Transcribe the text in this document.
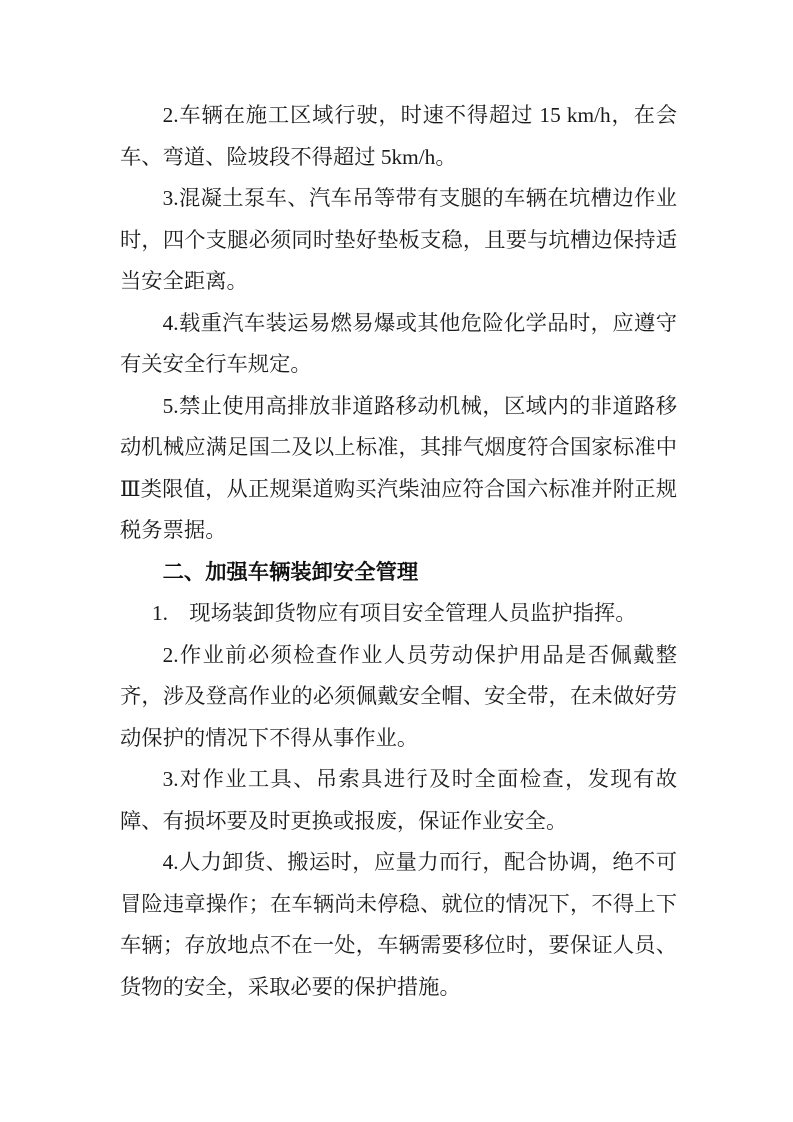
2.车辆在施工区域行驶，时速不得超过 15 km/h，在会车、弯道、险坡段不得超过 5km/h。

3.混凝土泵车、汽车吊等带有支腿的车辆在坑槽边作业时，四个支腿必须同时垫好垫板支稳，且要与坑槽边保持适当安全距离。

4.载重汽车装运易燃易爆或其他危险化学品时，应遵守有关安全行车规定。

5.禁止使用高排放非道路移动机械，区域内的非道路移动机械应满足国二及以上标准，其排气烟度符合国家标准中Ⅲ类限值，从正规渠道购买汽柴油应符合国六标准并附正规税务票据。

二、加强车辆装卸安全管理

1.　现场装卸货物应有项目安全管理人员监护指挥。

2.作业前必须检查作业人员劳动保护用品是否佩戴整齐，涉及登高作业的必须佩戴安全帽、安全带，在未做好劳动保护的情况下不得从事作业。

3.对作业工具、吊索具进行及时全面检查，发现有故障、有损坏要及时更换或报废，保证作业安全。

4.人力卸货、搬运时，应量力而行，配合协调，绝不可冒险违章操作；在车辆尚未停稳、就位的情况下，不得上下车辆；存放地点不在一处，车辆需要移位时，要保证人员、货物的安全，采取必要的保护措施。
